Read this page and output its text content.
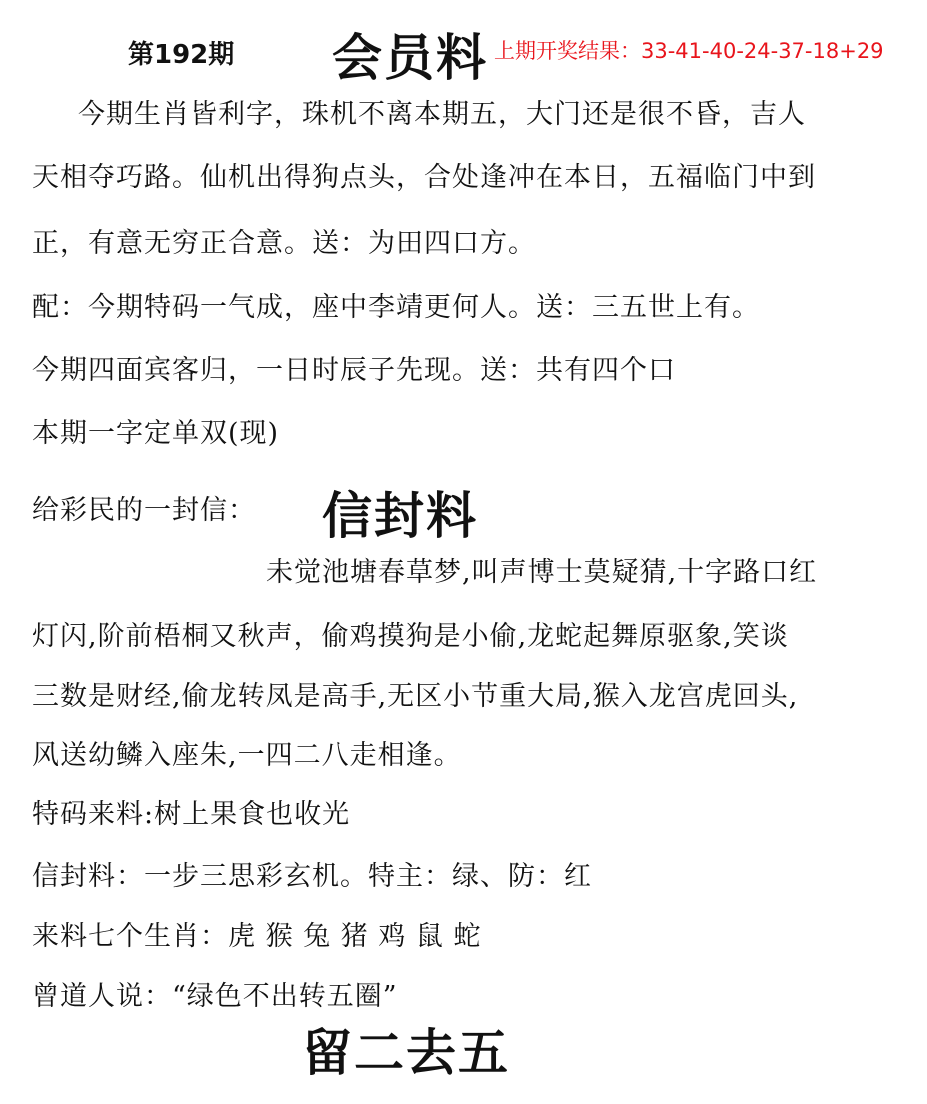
第192期 会员料 上期开奖结果：33-41-40-24-37-18+29
今期生肖皆利字，珠机不离本期五，大门还是很不昏，吉人
天相夺巧路。仙机出得狗点头，合处逢冲在本日，五福临门中到
正，有意无穷正合意。送：为田四口方。
配：今期特码一气成，座中李靖更何人。送：三五世上有。
今期四面宾客归，一日时辰子先现。送：共有四个口
本期一字定单双(现)
给彩民的一封信： 信封料
未觉池塘春草梦,叫声博士莫疑猜,十字路口红
灯闪,阶前梧桐又秋声，偷鸡摸狗是小偷,龙蛇起舞原驱象,笑谈
三数是财经,偷龙转凤是高手,无区小节重大局,猴入龙宫虎回头,
风送幼鳞入座朱,一四二八走相逢。
特码来料:树上果食也收光
信封料：一步三思彩玄机。特主：绿、防：红
来料七个生肖：虎 猴 兔 猪 鸡 鼠 蛇
曾道人说：“绿色不出转五圈”
留二去五
